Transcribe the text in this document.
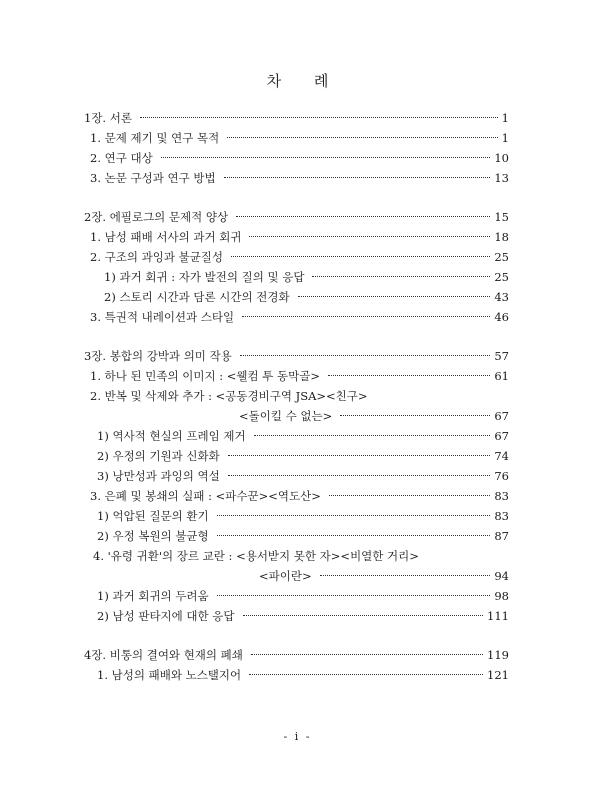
차 례
1장. 서론	1
1. 문제 제기 및 연구 목적	1
2. 연구 대상	10
3. 논문 구성과 연구 방법	13
2장. 에필로그의 문제적 양상	15
1. 남성 패배 서사의 과거 회귀	18
2. 구조의 과잉과 불균질성	25
1) 과거 회귀 : 자가 발전의 질의 및 응답	25
2) 스토리 시간과 담론 시간의 전경화	43
3. 특권적 내레이션과 스타일	46
3장. 봉합의 강박과 의미 작용	57
1. 하나 된 민족의 이미지 : <웰컴 투 동막골>	61
2. 반복 및 삭제와 추가 : <공동경비구역 JSA><친구>
<돌이킬 수 없는>	67
1) 역사적 현실의 프레임 제거	67
2) 우정의 기원과 신화화	74
3) 낭만성과 과잉의 역설	76
3. 은폐 및 봉쇄의 실패 : <파수꾼><역도산>	83
1) 억압된 질문의 환기	83
2) 우정 복원의 불균형	87
4. '유령 귀환'의 장르 교란 : <용서받지 못한 자><비열한 거리>
<파이란>	94
1) 과거 회귀의 두려움	98
2) 남성 판타지에 대한 응답	111
4장. 비통의 결여와 현재의 폐쇄	119
1. 남성의 패배와 노스탤지어	121
- i -
